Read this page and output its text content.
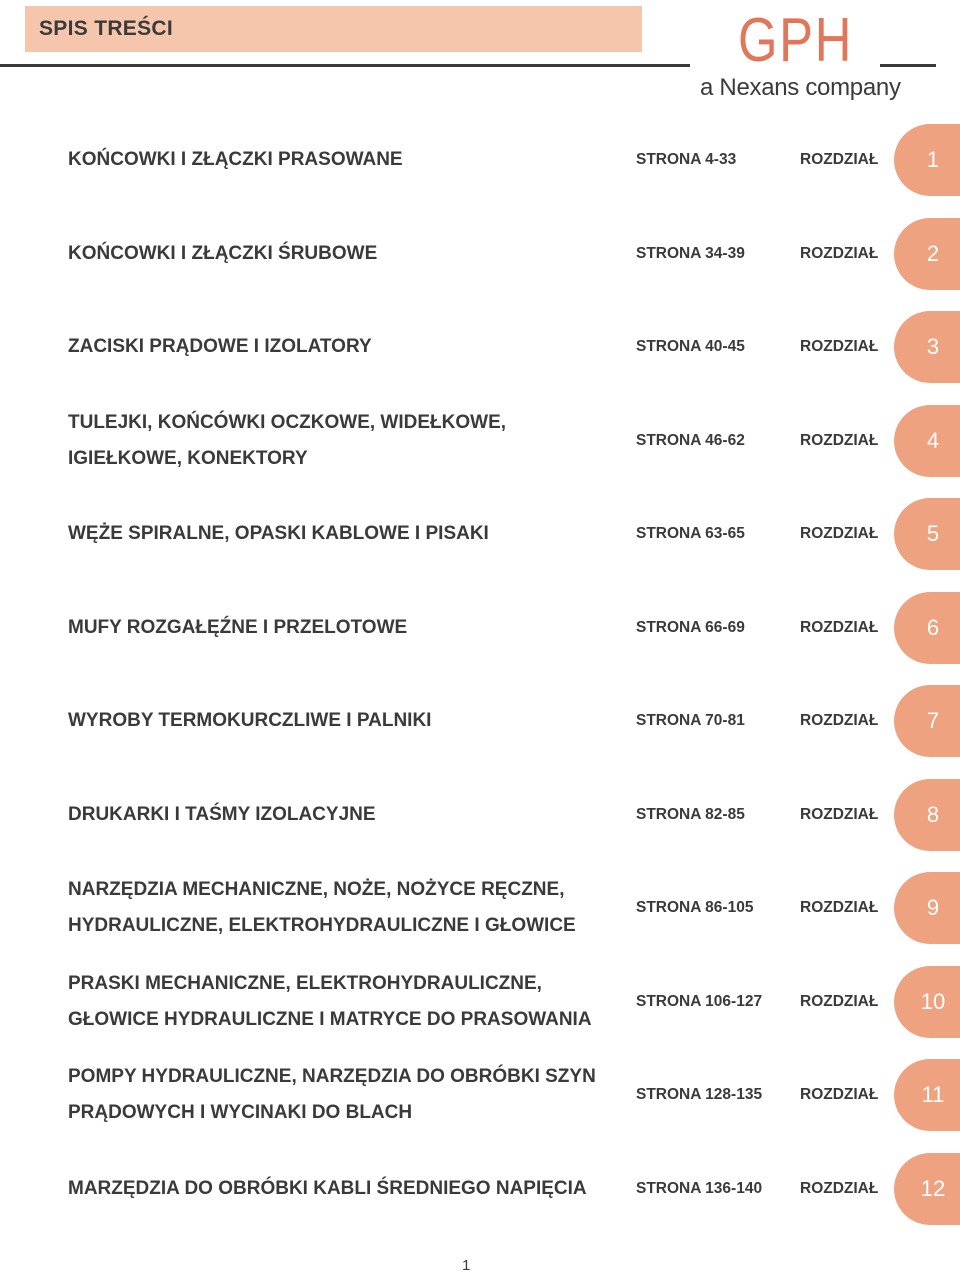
SPIS TREŚCI	GPH
a Nexans company
KOŃCOWKI I ZŁĄCZKI PRASOWANE	STRONA 4-33	ROZDZIAŁ 1
KOŃCOWKI I ZŁĄCZKI ŚRUBOWE	STRONA 34-39	ROZDZIAŁ 2
ZACISKI PRĄDOWE I IZOLATORY	STRONA 40-45	ROZDZIAŁ 3
TULEJKI, KOŃCÓWKI OCZKOWE, WIDEŁKOWE,
IGIEŁKOWE, KONEKTORY
STRONA 46-62	ROZDZIAŁ 4
WĘŻE SPIRALNE, OPASKI KABLOWE I PISAKI	STRONA 63-65	ROZDZIAŁ 5
MUFY ROZGAŁĘŹNE I PRZELOTOWE	STRONA 66-69	ROZDZIAŁ 6
WYROBY TERMOKURCZLIWE I PALNIKI	STRONA 70-81	ROZDZIAŁ 7
DRUKARKI I TAŚMY IZOLACYJNE	STRONA 82-85	ROZDZIAŁ 8
NARZĘDZIA MECHANICZNE, NOŻE, NOŻYCE RĘCZNE,
HYDRAULICZNE, ELEKTROHYDRAULICZNE I GŁOWICE
STRONA 86-105	ROZDZIAŁ 9
PRASKI MECHANICZNE, ELEKTROHYDRAULICZNE,
GŁOWICE HYDRAULICZNE I MATRYCE DO PRASOWANIA
STRONA 106-127 ROZDZIAŁ 10
POMPY HYDRAULICZNE, NARZĘDZIA DO OBRÓBKI SZYN
PRĄDOWYCH I WYCINAKI DO BLACH
STRONA 128-135 ROZDZIAŁ 11
MARZĘDZIA DO OBRÓBKI KABLI ŚREDNIEGO NAPIĘCIA	STRONA 136-140 ROZDZIAŁ 12
1
